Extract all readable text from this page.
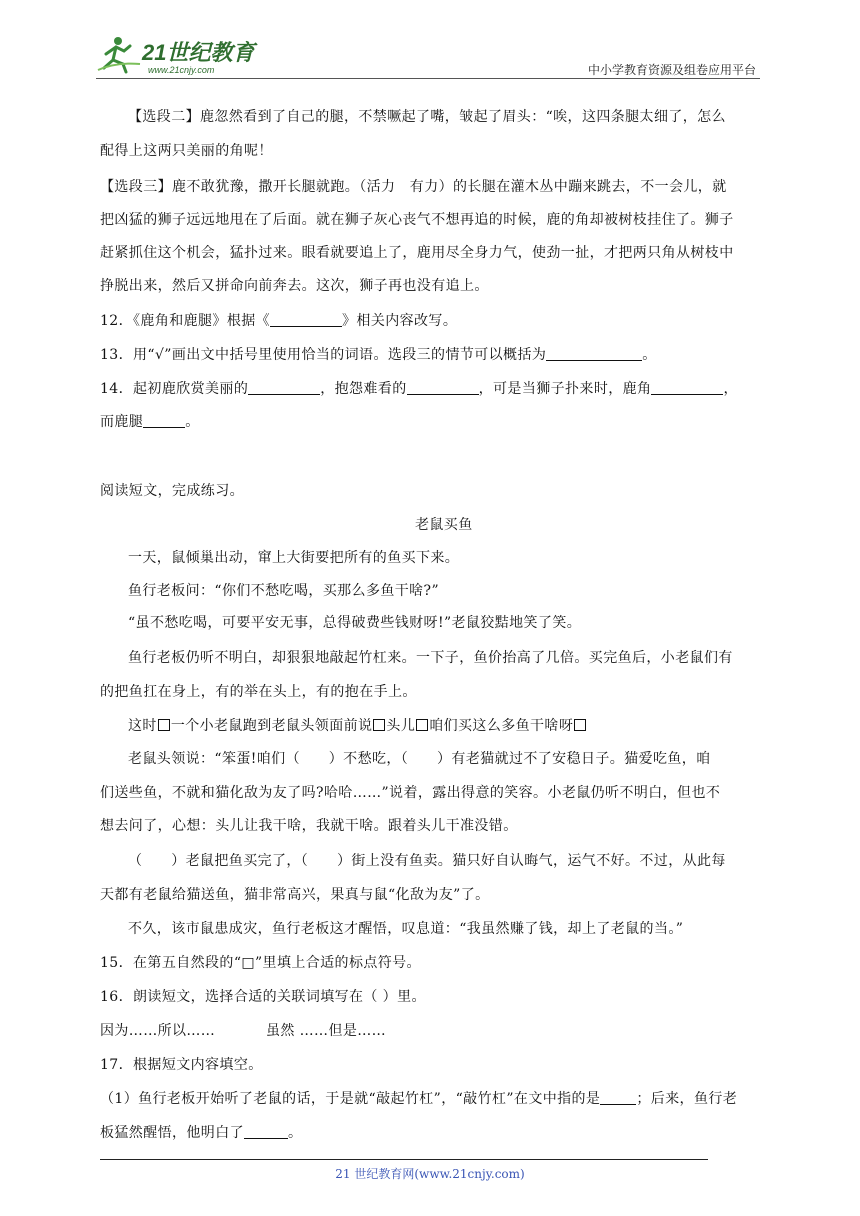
21世纪教育
www.21cnjy.com	中小学教育资源及组卷应用平台
【选段二】鹿忽然看到了自己的腿，不禁噘起了嘴，皱起了眉头：“唉，这四条腿太细了，怎么
配得上这两只美丽的角呢！
【选段三】鹿不敢犹豫，撒开长腿就跑。（活力　有力）的长腿在灌木丛中蹦来跳去，不一会儿，就
把凶猛的狮子远远地甩在了后面。就在狮子灰心丧气不想再追的时候，鹿的角却被树枝挂住了。狮子
赶紧抓住这个机会，猛扑过来。眼看就要追上了，鹿用尽全身力气，使劲一扯，才把两只角从树枝中
挣脱出来，然后又拼命向前奔去。这次，狮子再也没有追上。
12．《鹿角和鹿腿》根据《	》相关内容改写。
13．用“√”画出文中括号里使用恰当的词语。选段三的情节可以概括为	。
14．起初鹿欣赏美丽的	，抱怨难看的	，可是当狮子扑来时，鹿角	，
而鹿腿	。
阅读短文，完成练习。
老鼠买鱼
一天，鼠倾巢出动，窜上大街要把所有的鱼买下来。
鱼行老板问：“你们不愁吃喝，买那么多鱼干啥?”
“虽不愁吃喝，可要平安无事，总得破费些钱财呀!”老鼠狡黠地笑了笑。
鱼行老板仍听不明白，却狠狠地敲起竹杠来。一下子，鱼价抬高了几倍。买完鱼后，小老鼠们有
的把鱼扛在身上，有的举在头上，有的抱在手上。
这时 一个小老鼠跑到老鼠头领面前说 头儿 咱们买这么多鱼干啥呀
老鼠头领说：“笨蛋!咱们（　　）不愁吃，（　　）有老猫就过不了安稳日子。猫爱吃鱼，咱
们送些鱼，不就和猫化敌为友了吗?哈哈……”说着，露出得意的笑容。小老鼠仍听不明白，但也不
想去问了，心想：头儿让我干啥，我就干啥。跟着头儿干准没错。
（　　）老鼠把鱼买完了，（　　）街上没有鱼卖。猫只好自认晦气，运气不好。不过，从此每
天都有老鼠给猫送鱼，猫非常高兴，果真与鼠“化敌为友”了。
不久，该市鼠患成灾，鱼行老板这才醒悟，叹息道：“我虽然赚了钱，却上了老鼠的当。”
15．在第五自然段的“□”里填上合适的标点符号。
16．朗读短文，选择合适的关联词填写在（ ）里。
因为……所以……	虽然 ……但是……
17．根据短文内容填空。
（1）鱼行老板开始听了老鼠的话，于是就“敲起竹杠”，“敲竹杠”在文中指的是	；后来，鱼行老
板猛然醒悟，他明白了	。
21 世纪教育网(www.21cnjy.com)
